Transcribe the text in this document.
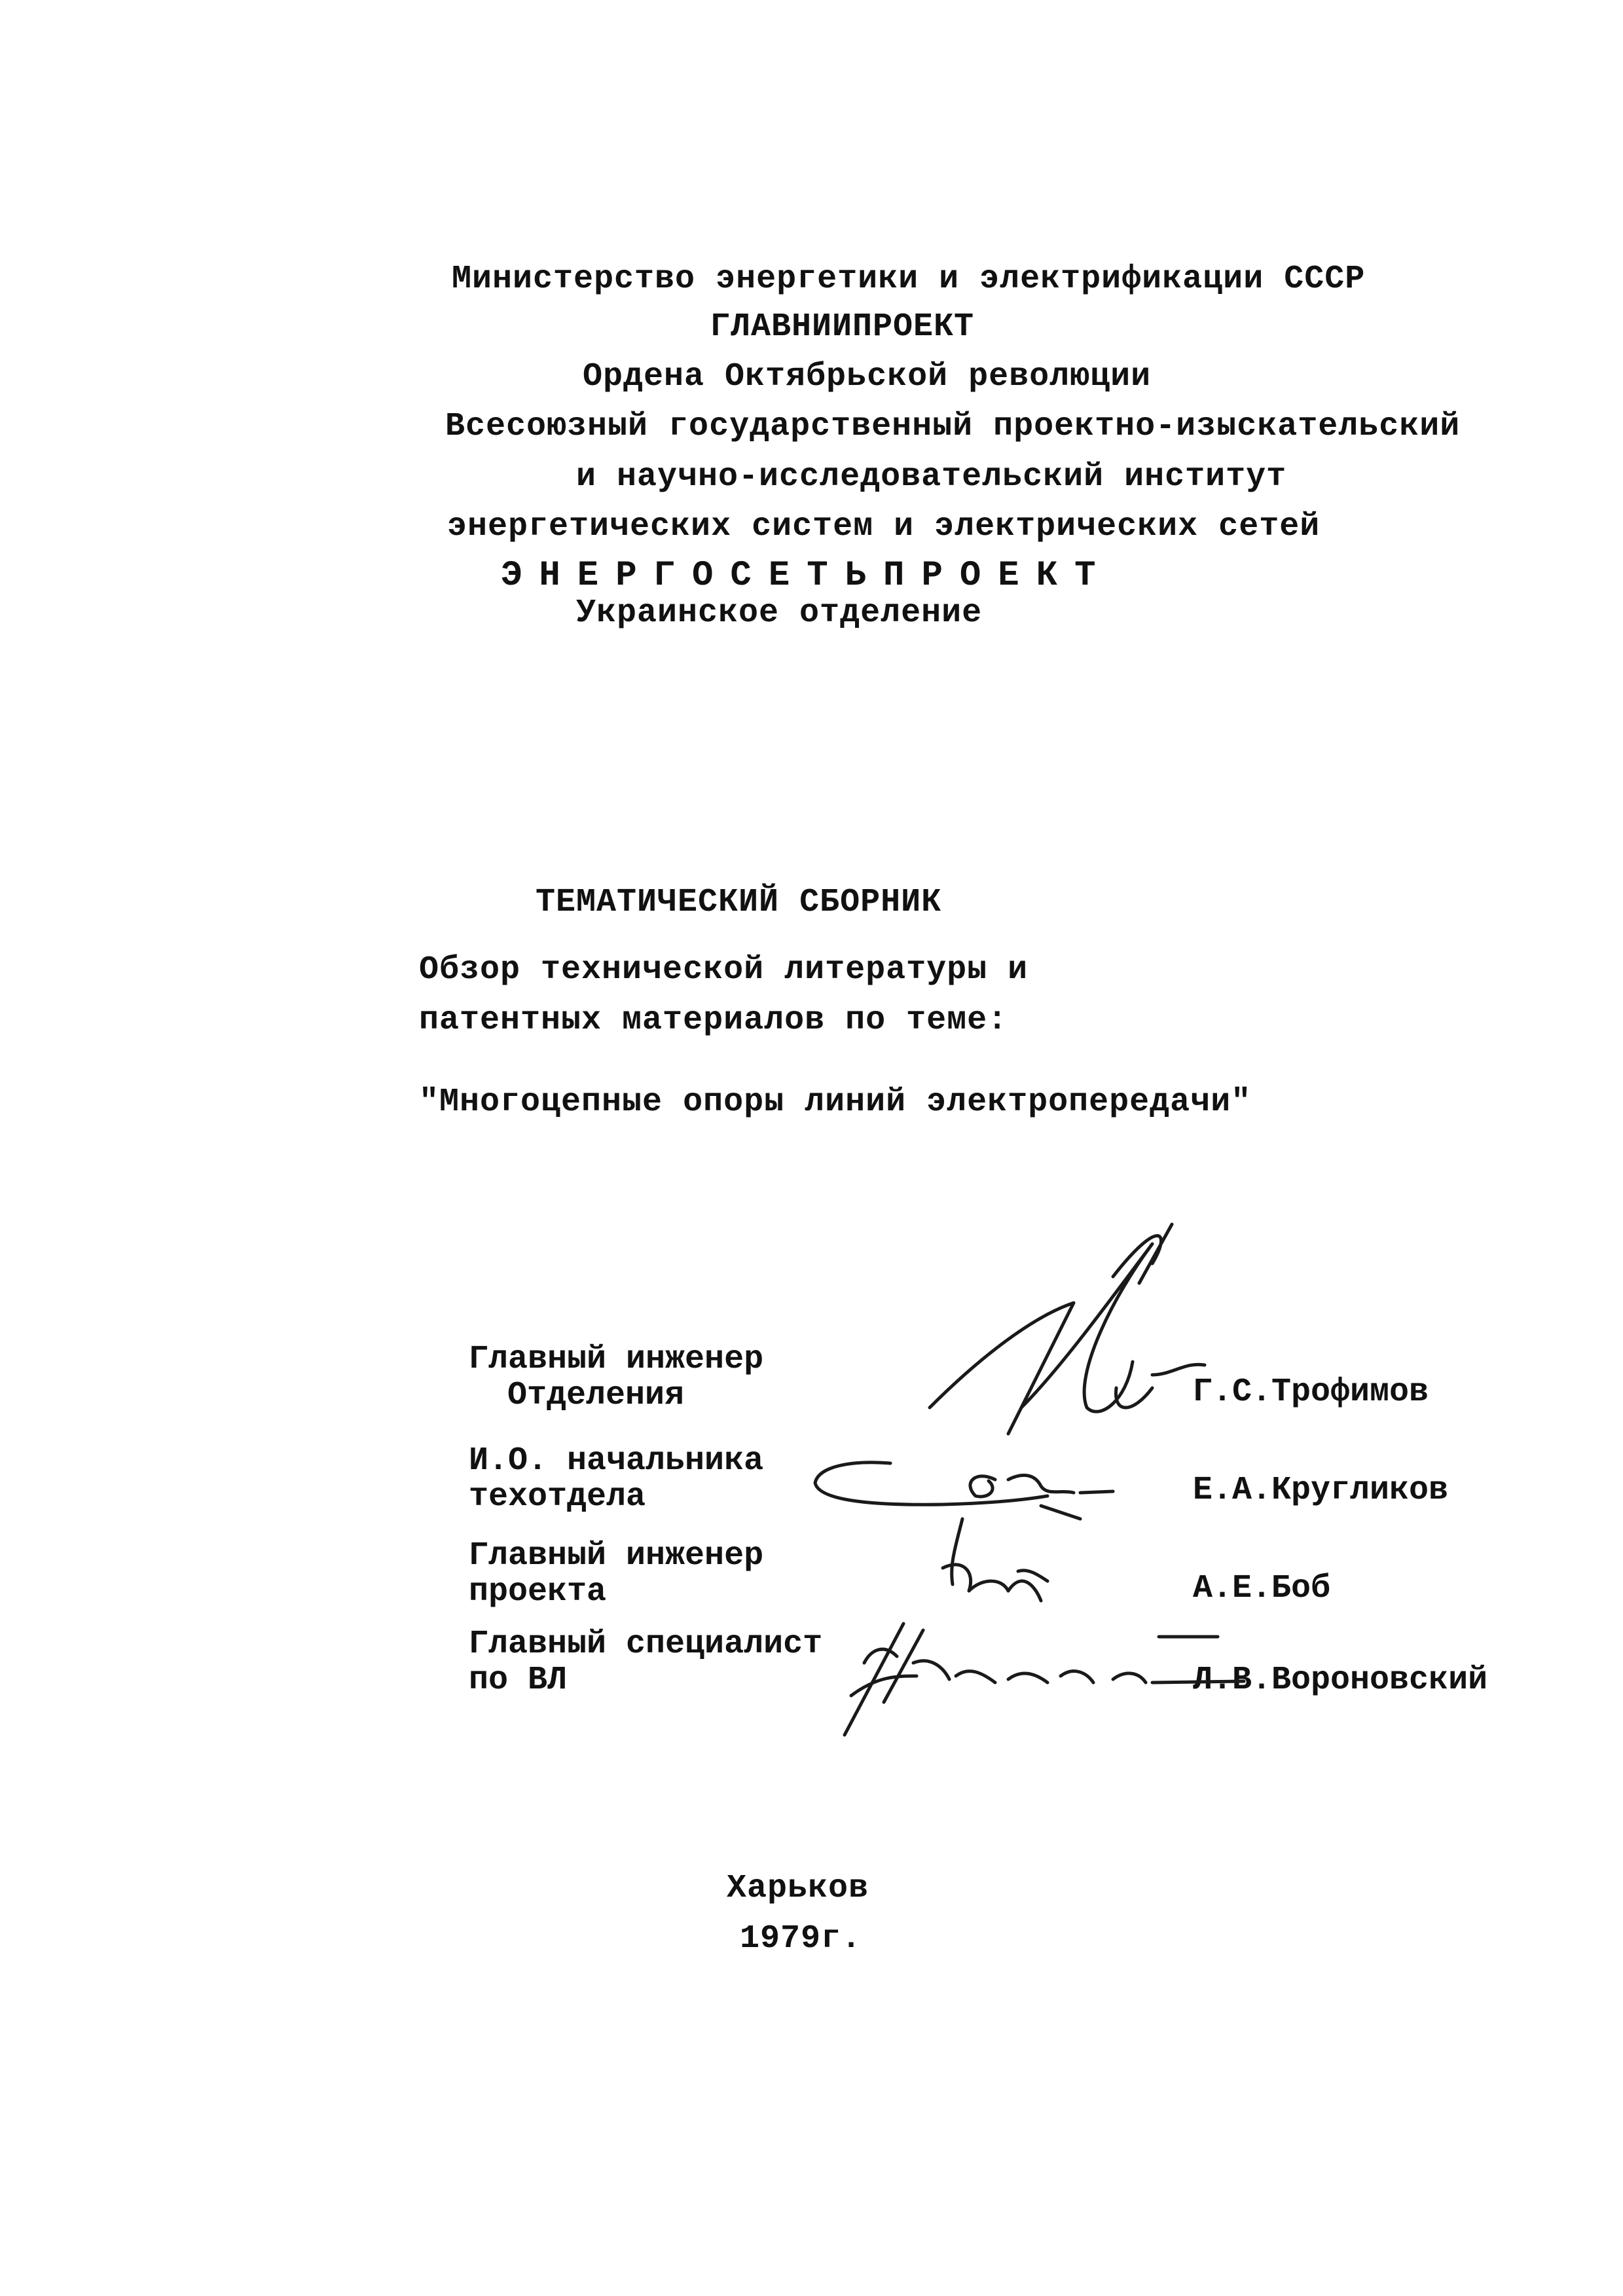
Министерство энергетики и электрификации СССР
ГЛАВНИИПРОЕКТ
Ордена Октябрьской революции
Всесоюзный государственный проектно-изыскательский
и научно-исследовательский институт
энергетических систем и электрических сетей
ЭНЕРГОСЕТЬПРОЕКТ
Украинское отделение
ТЕМАТИЧЕСКИЙ СБОРНИК
Обзор технической литературы и
патентных материалов по теме:
"Многоцепные опоры линий электропередачи"
Главный инженер
Отделения	Г.С.Трофимов
И.О. начальника
техотдела	Е.А.Кругликов
Главный инженер
проекта	А.Е.Боб
Главный специалист
по ВЛ	Л.В.Вороновский
Харьков
1979г.
